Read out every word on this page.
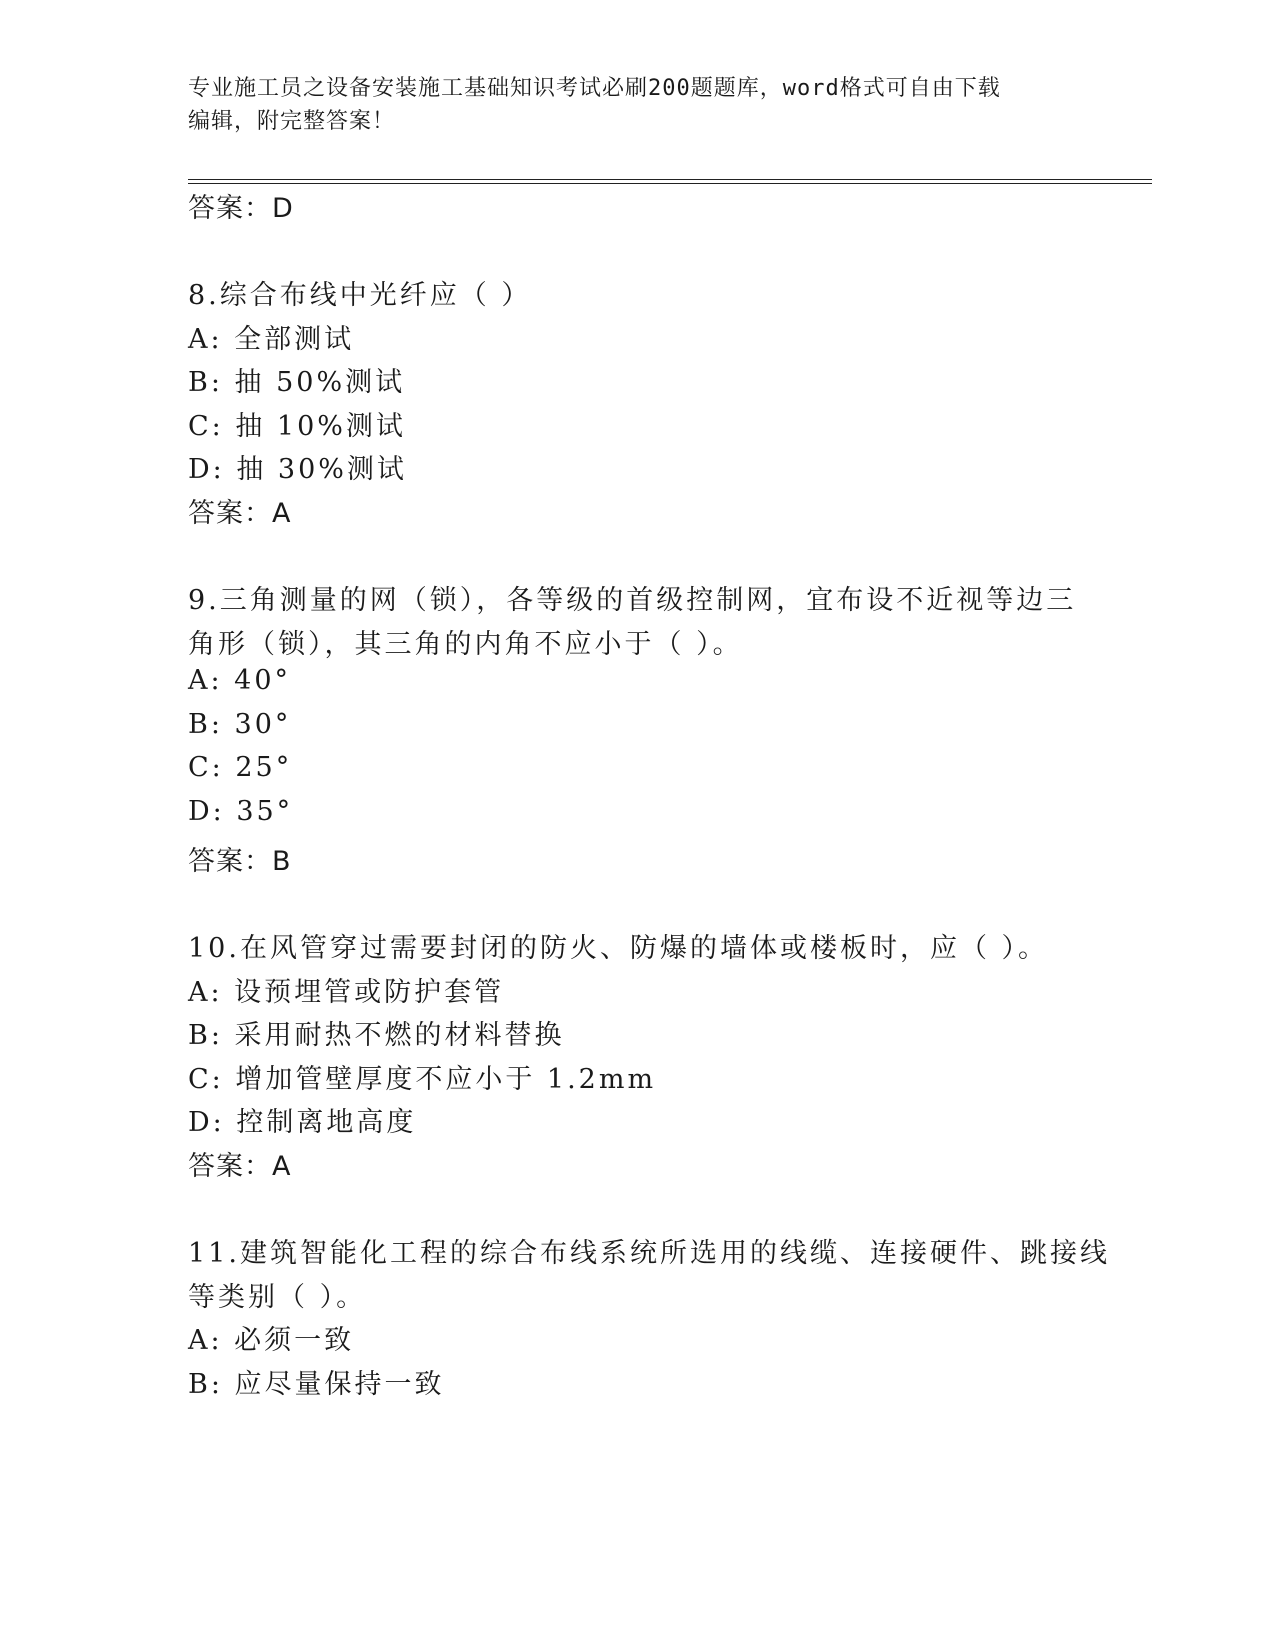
专业施工员之设备安装施工基础知识考试必刷200题题库，word格式可自由下载
编辑，附完整答案！
答案：D
8.综合布线中光纤应（ ）
A: 全部测试
B: 抽 50%测试
C: 抽 10%测试
D: 抽 30%测试
答案：A
9.三角测量的网（锁），各等级的首级控制网，宜布设不近视等边三
角形（锁），其三角的内角不应小于（ ）。
A: 40°
B: 30°
C: 25°
D: 35°
答案：B
10.在风管穿过需要封闭的防火、防爆的墙体或楼板时，应（ ）。
A: 设预埋管或防护套管
B: 采用耐热不燃的材料替换
C: 增加管壁厚度不应小于 1.2mm
D: 控制离地高度
答案：A
11.建筑智能化工程的综合布线系统所选用的线缆、连接硬件、跳接线
等类别（ ）。
A: 必须一致
B: 应尽量保持一致
